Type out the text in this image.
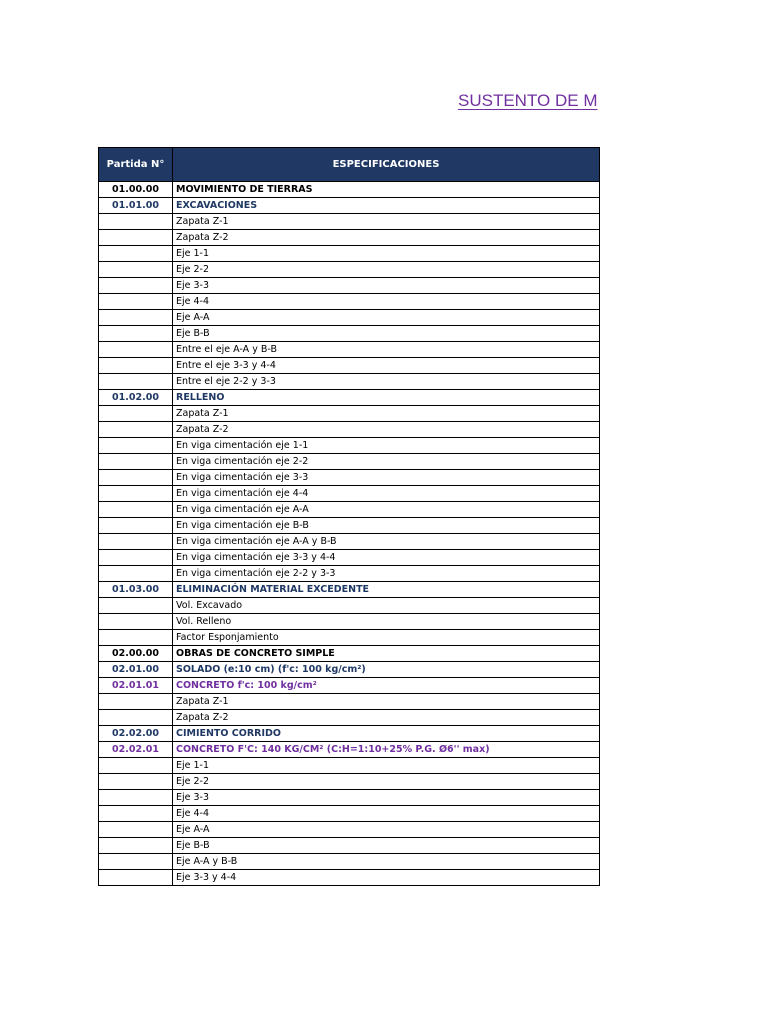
SUSTENTO DE M
Partida N°	ESPECIFICACIONES
01.00.00	MOVIMIENTO DE TIERRAS
01.01.00	EXCAVACIONES
	Zapata Z-1
	Zapata Z-2
	Eje 1-1
	Eje 2-2
	Eje 3-3
	Eje 4-4
	Eje A-A
	Eje B-B
	Entre el eje A-A y B-B
	Entre el eje 3-3 y 4-4
	Entre el eje 2-2 y 3-3
01.02.00	RELLENO
	Zapata Z-1
	Zapata Z-2
	En viga cimentación eje 1-1
	En viga cimentación eje 2-2
	En viga cimentación eje 3-3
	En viga cimentación eje 4-4
	En viga cimentación eje A-A
	En viga cimentación eje B-B
	En viga cimentación eje A-A y B-B
	En viga cimentación eje 3-3 y 4-4
	En viga cimentación eje 2-2 y 3-3
01.03.00	ELIMINACIÓN MATERIAL EXCEDENTE
	Vol. Excavado
	Vol. Relleno
	Factor Esponjamiento
02.00.00	OBRAS DE CONCRETO SIMPLE
02.01.00	SOLADO (e:10 cm) (f'c: 100 kg/cm²)
02.01.01	CONCRETO f'c: 100 kg/cm²
	Zapata Z-1
	Zapata Z-2
02.02.00	CIMIENTO CORRIDO
02.02.01	CONCRETO F'C: 140 KG/CM² (C:H=1:10+25% P.G. Ø6'' max)
	Eje 1-1
	Eje 2-2
	Eje 3-3
	Eje 4-4
	Eje A-A
	Eje B-B
	Eje A-A y B-B
	Eje 3-3 y 4-4
